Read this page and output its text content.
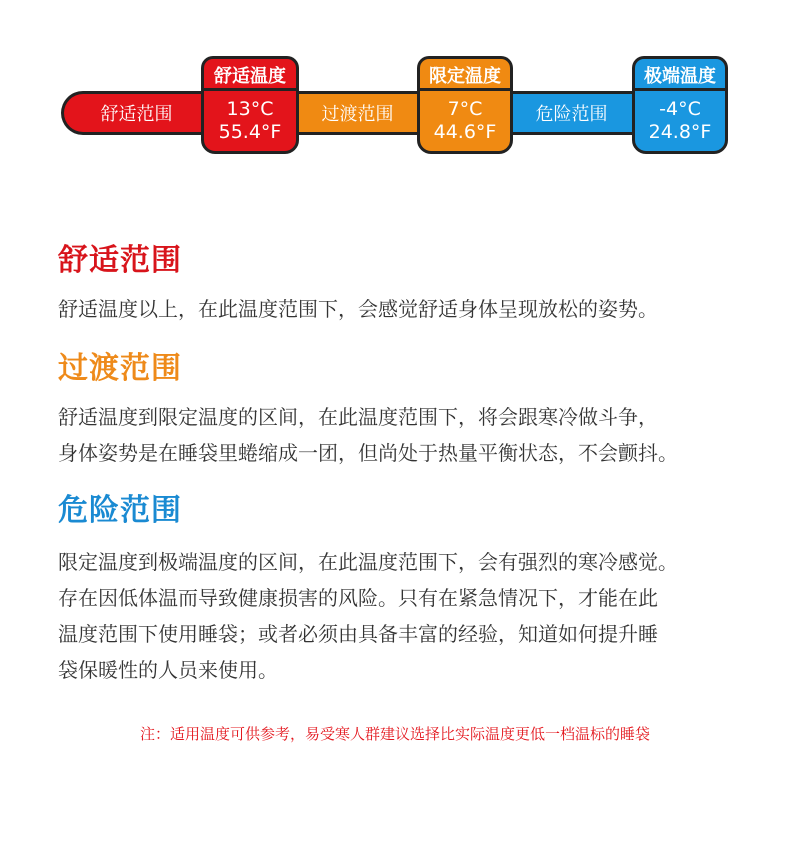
舒适范围	过渡范围	危险范围
舒适温度
13°C
55.4°F
限定温度
7°C
44.6°F
极端温度
-4°C
24.8°F
舒适范围

舒适温度以上，在此温度范围下，会感觉舒适身体呈现放松的姿势。

过渡范围

舒适温度到限定温度的区间，在此温度范围下，将会跟寒冷做斗争，
身体姿势是在睡袋里蜷缩成一团，但尚处于热量平衡状态，不会颤抖。

危险范围

限定温度到极端温度的区间，在此温度范围下，会有强烈的寒冷感觉。
存在因低体温而导致健康损害的风险。只有在紧急情况下，才能在此
温度范围下使用睡袋；或者必须由具备丰富的经验，知道如何提升睡
袋保暖性的人员来使用。

注：适用温度可供参考，易受寒人群建议选择比实际温度更低一档温标的睡袋
